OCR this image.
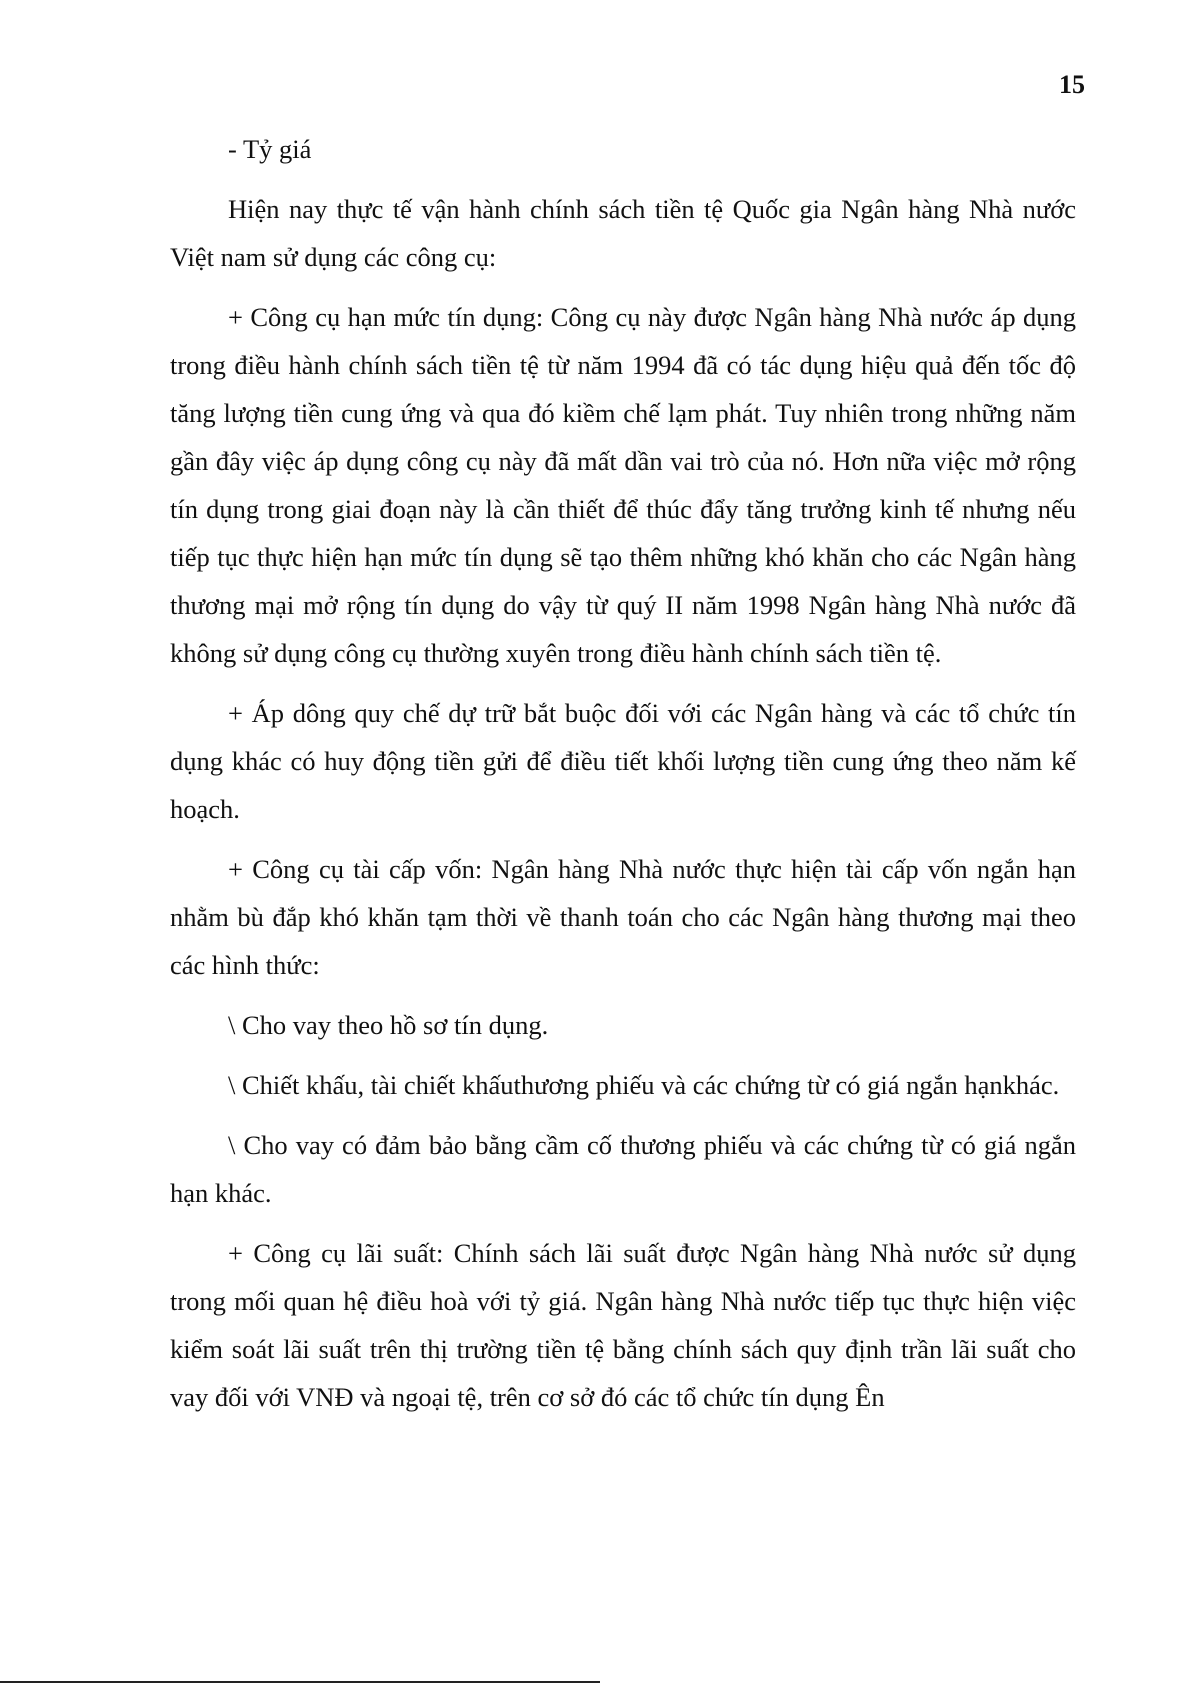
15

- Tỷ giá

Hiện nay thực tế vận hành chính sách tiền tệ Quốc gia Ngân hàng Nhà nước Việt nam sử dụng các công cụ:

+ Công cụ hạn mức tín dụng: Công cụ này được Ngân hàng Nhà nước áp dụng trong điều hành chính sách tiền tệ từ năm 1994 đã có tác dụng hiệu quả đến tốc độ tăng lượng tiền cung ứng và qua đó kiềm chế lạm phát. Tuy nhiên trong những năm gần đây việc áp dụng công cụ này đã mất dần vai trò của nó. Hơn nữa việc mở rộng tín dụng trong giai đoạn này là cần thiết để thúc đẩy tăng trưởng kinh tế nhưng nếu tiếp tục thực hiện hạn mức tín dụng sẽ tạo thêm những khó khăn cho các Ngân hàng thương mại mở rộng tín dụng do vậy từ quý II năm 1998 Ngân hàng Nhà nước đã không sử dụng công cụ thường xuyên trong điều hành chính sách tiền tệ.

+ Áp dông quy chế dự trữ bắt buộc đối với các Ngân hàng và các tổ chức tín dụng khác có huy động tiền gửi để điều tiết khối lượng tiền cung ứng theo năm kế hoạch.

+ Công cụ tài cấp vốn: Ngân hàng Nhà nước thực hiện tài cấp vốn ngắn hạn nhằm bù đắp khó khăn tạm thời về thanh toán cho các Ngân hàng thương mại theo các hình thức:

\ Cho vay theo hồ sơ tín dụng.

\ Chiết khấu, tài chiết khấuthương phiếu và các chứng từ có giá ngắn hạnkhác.

\ Cho vay có đảm bảo bằng cầm cố thương phiếu và các chứng từ có giá ngắn hạn khác.

+ Công cụ lãi suất: Chính sách lãi suất được Ngân hàng Nhà nước sử dụng trong mối quan hệ điều hoà với tỷ giá. Ngân hàng Nhà nước tiếp tục thực hiện việc kiểm soát lãi suất trên thị trường tiền tệ bằng chính sách quy định trần lãi suất cho vay đối với VNĐ và ngoại tệ, trên cơ sở đó các tổ chức tín dụng Ên
